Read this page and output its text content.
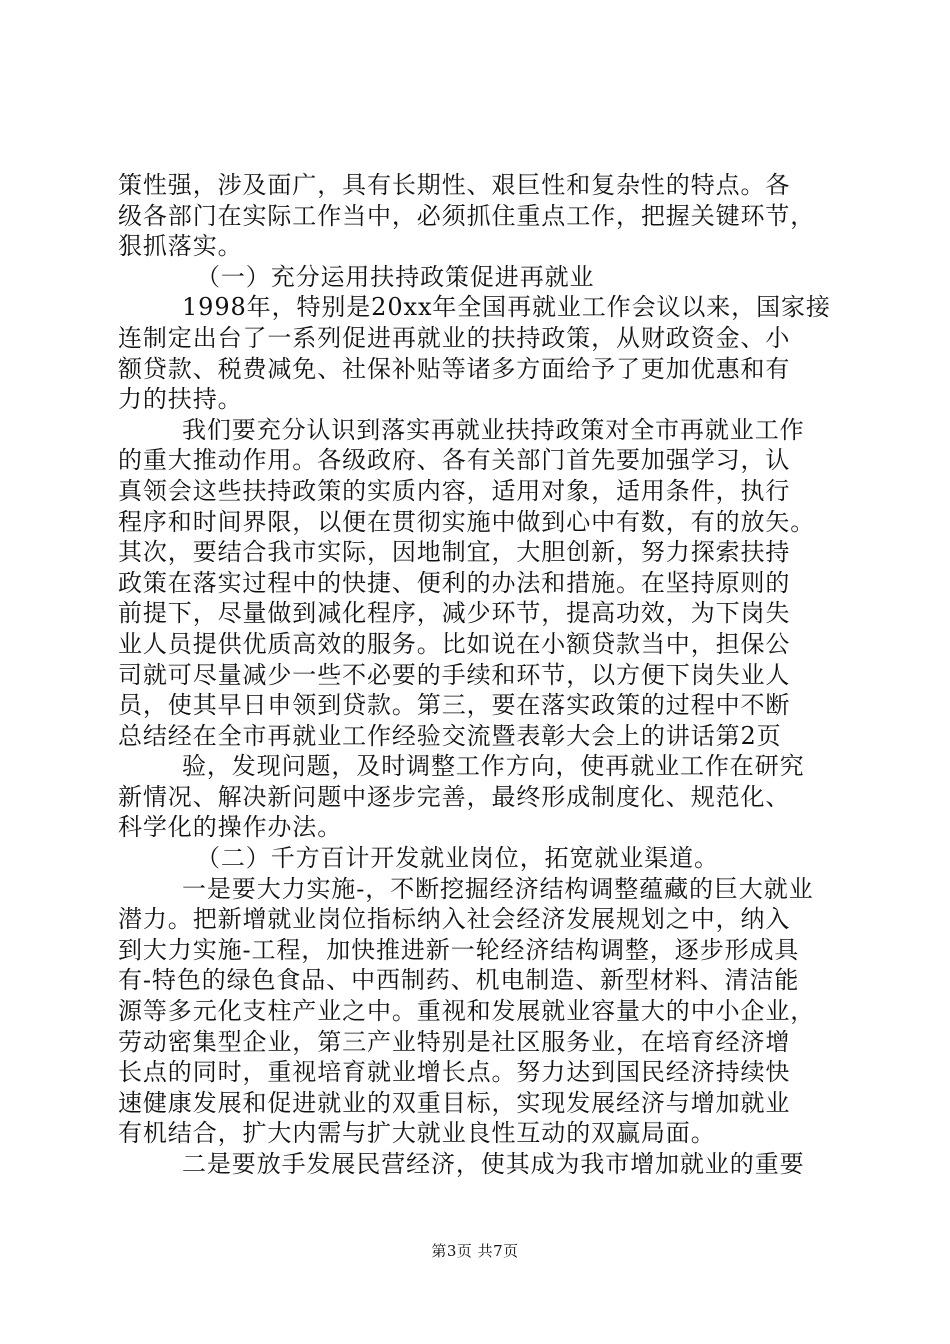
策性强，涉及面广，具有长期性、艰巨性和复杂性的特点。各
级各部门在实际工作当中，必须抓住重点工作，把握关键环节，
狠抓落实。
（一）充分运用扶持政策促进再就业
1998年，特别是20xx年全国再就业工作会议以来，国家接
连制定出台了一系列促进再就业的扶持政策，从财政资金、小
额贷款、税费减免、社保补贴等诸多方面给予了更加优惠和有
力的扶持。
我们要充分认识到落实再就业扶持政策对全市再就业工作
的重大推动作用。各级政府、各有关部门首先要加强学习，认
真领会这些扶持政策的实质内容，适用对象，适用条件，执行
程序和时间界限，以便在贯彻实施中做到心中有数，有的放矢。
其次，要结合我市实际，因地制宜，大胆创新，努力探索扶持
政策在落实过程中的快捷、便利的办法和措施。在坚持原则的
前提下，尽量做到减化程序，减少环节，提高功效，为下岗失
业人员提供优质高效的服务。比如说在小额贷款当中，担保公
司就可尽量减少一些不必要的手续和环节，以方便下岗失业人
员，使其早日申领到贷款。第三，要在落实政策的过程中不断
总结经在全市再就业工作经验交流暨表彰大会上的讲话第2页
验，发现问题，及时调整工作方向，使再就业工作在研究
新情况、解决新问题中逐步完善，最终形成制度化、规范化、
科学化的操作办法。
（二）千方百计开发就业岗位，拓宽就业渠道。
一是要大力实施-，不断挖掘经济结构调整蕴藏的巨大就业
潜力。把新增就业岗位指标纳入社会经济发展规划之中，纳入
到大力实施-工程，加快推进新一轮经济结构调整，逐步形成具
有-特色的绿色食品、中西制药、机电制造、新型材料、清洁能
源等多元化支柱产业之中。重视和发展就业容量大的中小企业，
劳动密集型企业，第三产业特别是社区服务业，在培育经济增
长点的同时，重视培育就业增长点。努力达到国民经济持续快
速健康发展和促进就业的双重目标，实现发展经济与增加就业
有机结合，扩大内需与扩大就业良性互动的双赢局面。
二是要放手发展民营经济，使其成为我市增加就业的重要
第3页 共7页
